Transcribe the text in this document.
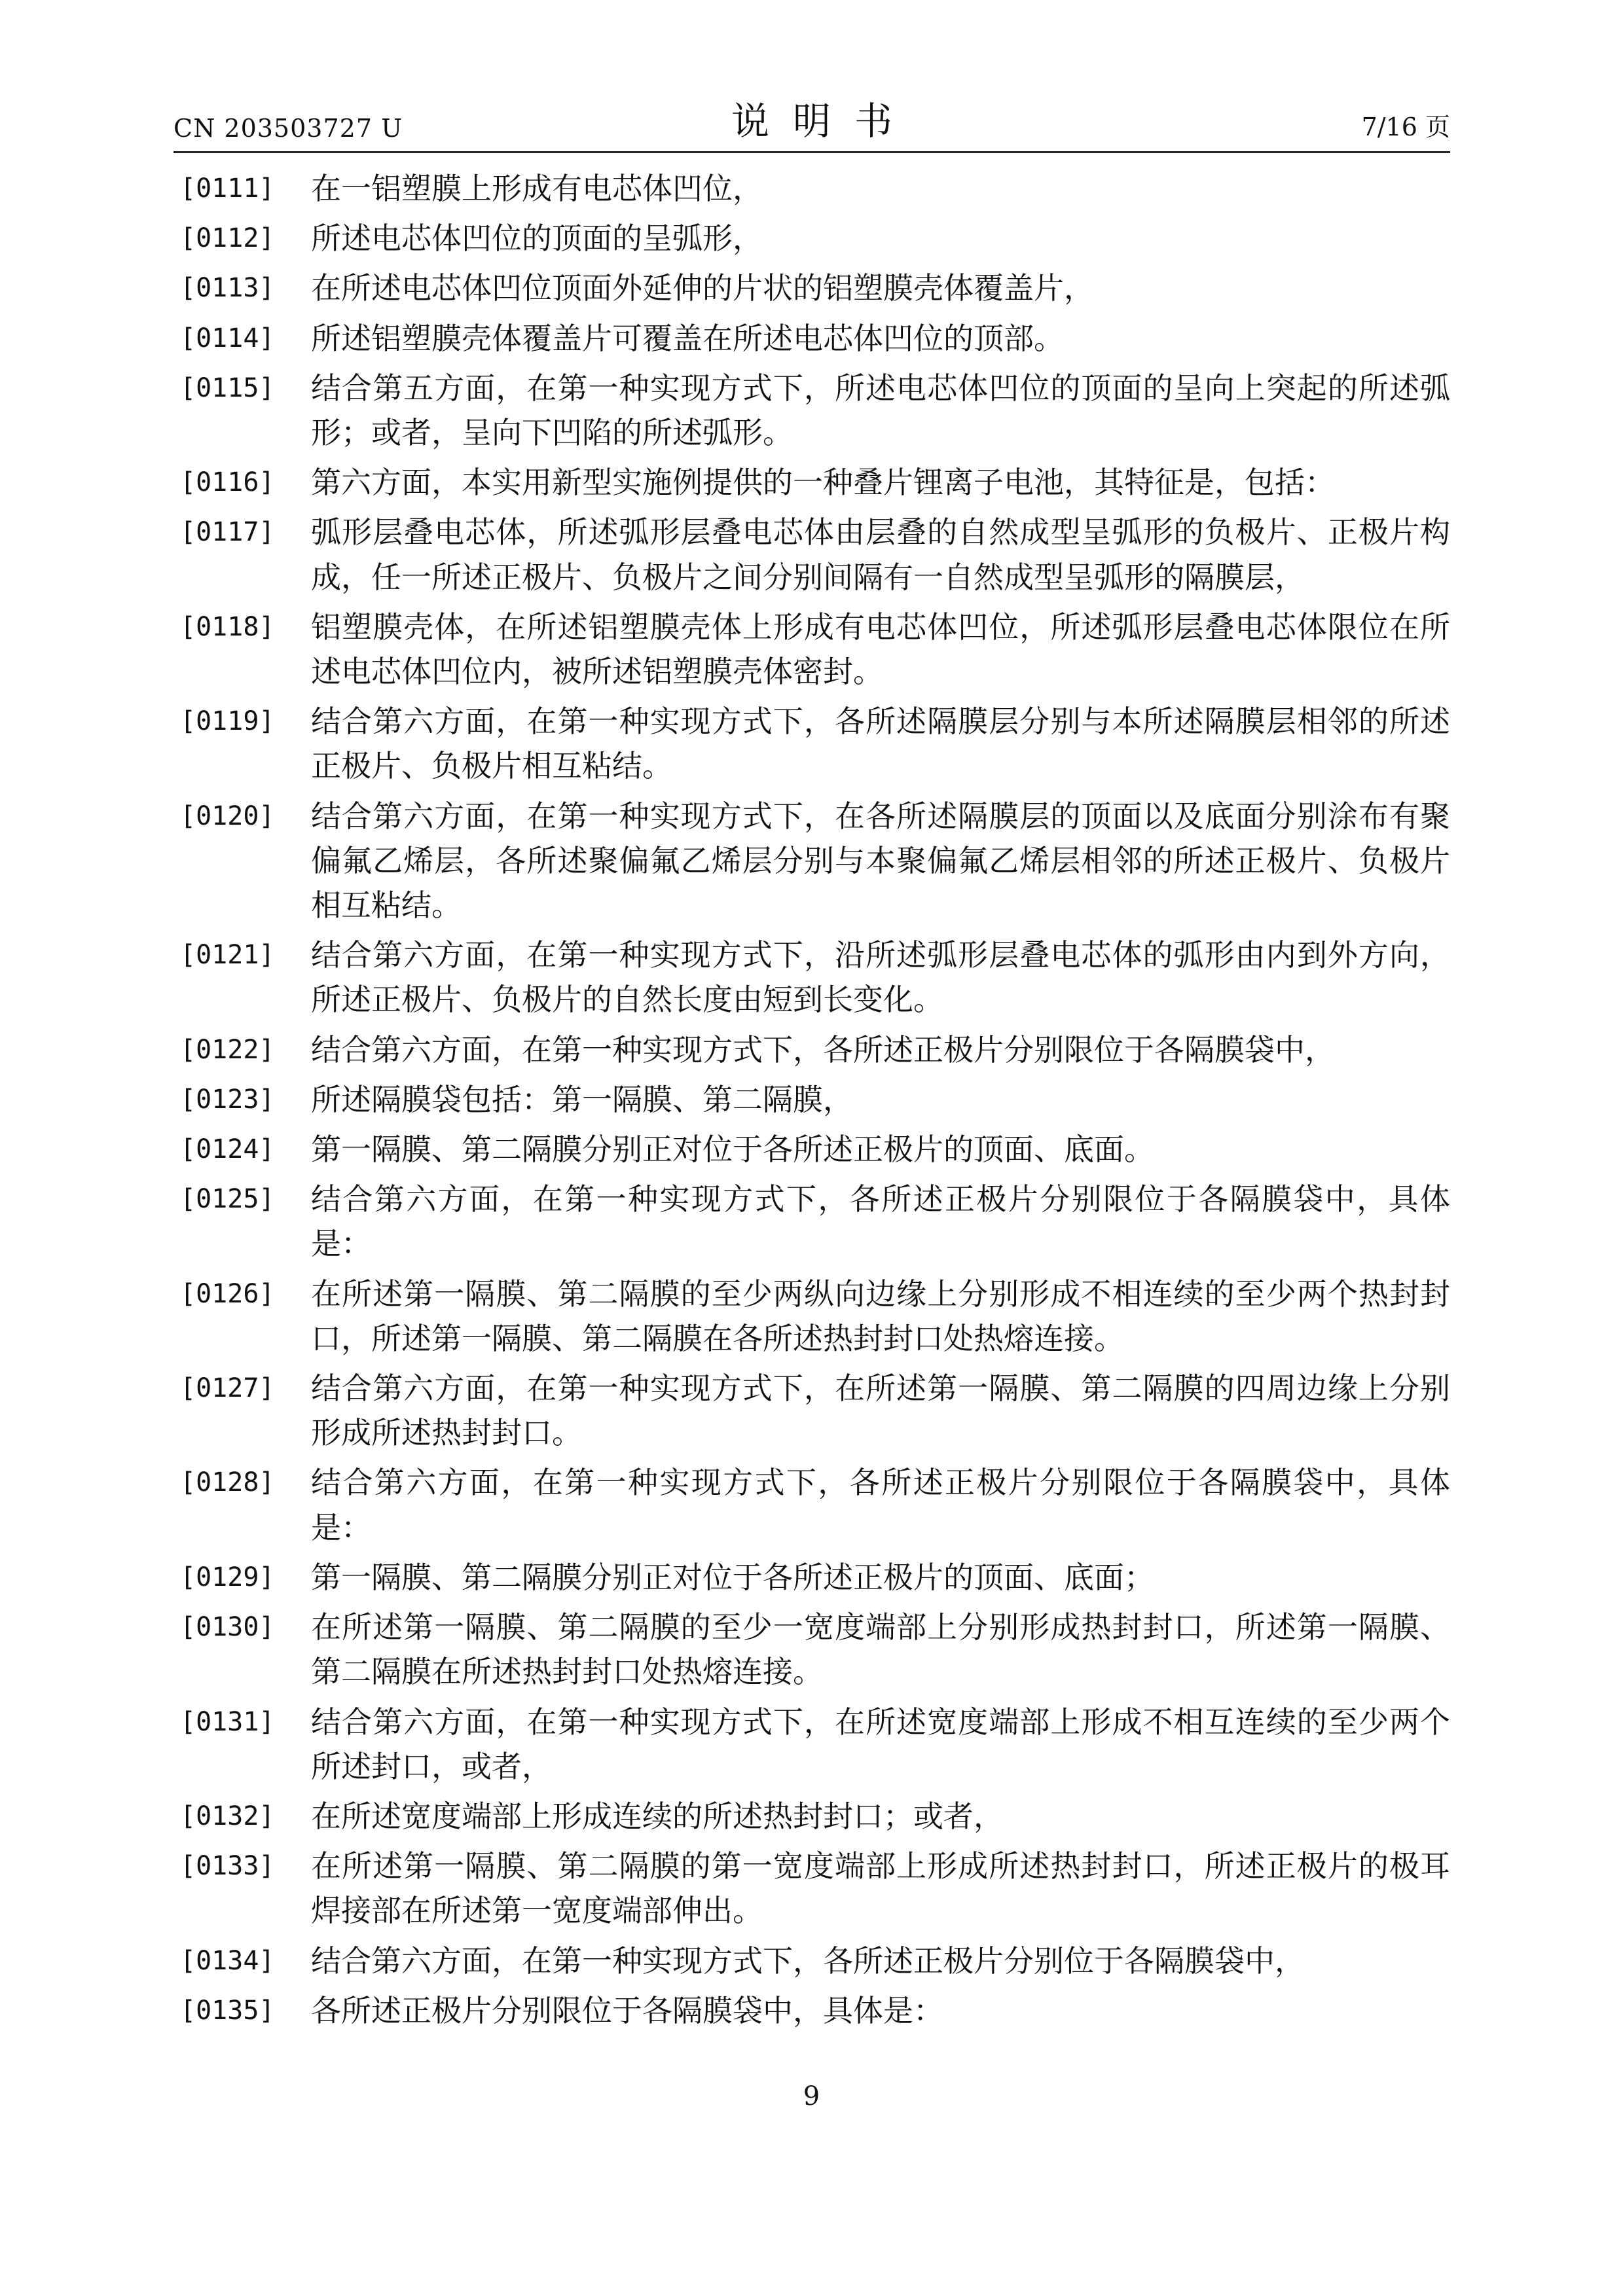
CN 203503727 U	说明书	7/16 页
[0111] 在一铝塑膜上形成有电芯体凹位，
[0112] 所述电芯体凹位的顶面的呈弧形，
[0113] 在所述电芯体凹位顶面外延伸的片状的铝塑膜壳体覆盖片，
[0114] 所述铝塑膜壳体覆盖片可覆盖在所述电芯体凹位的顶部。
[0115] 结合第五方面，在第一种实现方式下，所述电芯体凹位的顶面的呈向上突起的所述弧形；或者，呈向下凹陷的所述弧形。
[0116] 第六方面，本实用新型实施例提供的一种叠片锂离子电池，其特征是，包括：
[0117] 弧形层叠电芯体，所述弧形层叠电芯体由层叠的自然成型呈弧形的负极片、正极片构成，任一所述正极片、负极片之间分别间隔有一自然成型呈弧形的隔膜层，
[0118] 铝塑膜壳体，在所述铝塑膜壳体上形成有电芯体凹位，所述弧形层叠电芯体限位在所述电芯体凹位内，被所述铝塑膜壳体密封。
[0119] 结合第六方面，在第一种实现方式下，各所述隔膜层分别与本所述隔膜层相邻的所述正极片、负极片相互粘结。
[0120] 结合第六方面，在第一种实现方式下，在各所述隔膜层的顶面以及底面分别涂布有聚偏氟乙烯层，各所述聚偏氟乙烯层分别与本聚偏氟乙烯层相邻的所述正极片、负极片相互粘结。
[0121] 结合第六方面，在第一种实现方式下，沿所述弧形层叠电芯体的弧形由内到外方向，所述正极片、负极片的自然长度由短到长变化。
[0122] 结合第六方面，在第一种实现方式下，各所述正极片分别限位于各隔膜袋中，
[0123] 所述隔膜袋包括：第一隔膜、第二隔膜，
[0124] 第一隔膜、第二隔膜分别正对位于各所述正极片的顶面、底面。
[0125] 结合第六方面，在第一种实现方式下，各所述正极片分别限位于各隔膜袋中，具体是：
[0126] 在所述第一隔膜、第二隔膜的至少两纵向边缘上分别形成不相连续的至少两个热封封口，所述第一隔膜、第二隔膜在各所述热封封口处热熔连接。
[0127] 结合第六方面，在第一种实现方式下，在所述第一隔膜、第二隔膜的四周边缘上分别形成所述热封封口。
[0128] 结合第六方面，在第一种实现方式下，各所述正极片分别限位于各隔膜袋中，具体是：
[0129] 第一隔膜、第二隔膜分别正对位于各所述正极片的顶面、底面；
[0130] 在所述第一隔膜、第二隔膜的至少一宽度端部上分别形成热封封口，所述第一隔膜、第二隔膜在所述热封封口处热熔连接。
[0131] 结合第六方面，在第一种实现方式下，在所述宽度端部上形成不相互连续的至少两个所述封口，或者，
[0132] 在所述宽度端部上形成连续的所述热封封口；或者，
[0133] 在所述第一隔膜、第二隔膜的第一宽度端部上形成所述热封封口，所述正极片的极耳焊接部在所述第一宽度端部伸出。
[0134] 结合第六方面，在第一种实现方式下，各所述正极片分别位于各隔膜袋中，
[0135] 各所述正极片分别限位于各隔膜袋中，具体是：
9
